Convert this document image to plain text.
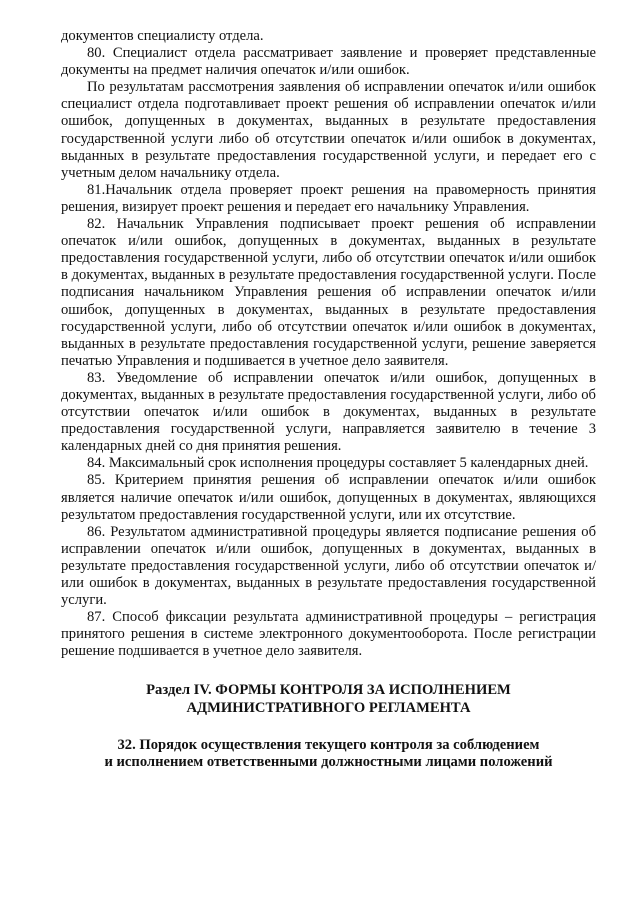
документов специалисту отдела.

80. Специалист отдела рассматривает заявление и проверяет представленные документы на предмет наличия опечаток и/или ошибок.

По результатам рассмотрения заявления об исправлении опечаток и/или ошибок специалист отдела подготавливает проект решения об исправлении опечаток и/или ошибок, допущенных в документах, выданных в результате предоставления государственной услуги либо об отсутствии опечаток и/или ошибок в документах, выданных в результате предоставления государственной услуги, и передает его с учетным делом начальнику отдела.

81.Начальник отдела проверяет проект решения на правомерность принятия решения, визирует проект решения и передает его начальнику Управления.

82. Начальник Управления подписывает проект решения об исправлении опечаток и/или ошибок, допущенных в документах, выданных в результате предоставления государственной услуги, либо об отсутствии опечаток и/или ошибок в документах, выданных в результате предоставления государственной услуги. После подписания начальником Управления решения об исправлении опечаток и/или ошибок, допущенных в документах, выданных в результате предоставления государственной услуги, либо об отсутствии опечаток и/или ошибок в документах, выданных в результате предоставления государственной услуги, решение заверяется печатью Управления и подшивается в учетное дело заявителя.

83. Уведомление об исправлении опечаток и/или ошибок, допущенных в документах, выданных в результате предоставления государственной услуги, либо об отсутствии опечаток и/или ошибок в документах, выданных в результате предоставления государственной услуги, направляется заявителю в течение 3 календарных дней со дня принятия решения.

84. Максимальный срок исполнения процедуры составляет 5 календарных дней.

85. Критерием принятия решения об исправлении опечаток и/или ошибок является наличие опечаток и/или ошибок, допущенных в документах, являющихся результатом предоставления государственной услуги, или их отсутствие.

86. Результатом административной процедуры является подписание решения об исправлении опечаток и/или ошибок, допущенных в документах, выданных в результате предоставления государственной услуги, либо об отсутствии опечаток и/или ошибок в документах, выданных в результате предоставления государственной услуги.

87. Способ фиксации результата административной процедуры – регистрация принятого решения в системе электронного документооборота. После регистрации решение подшивается в учетное дело заявителя.

Раздел IV. ФОРМЫ КОНТРОЛЯ ЗА ИСПОЛНЕНИЕМ
АДМИНИСТРАТИВНОГО РЕГЛАМЕНТА
32. Порядок осуществления текущего контроля за соблюдением
и исполнением ответственными должностными лицами положений
